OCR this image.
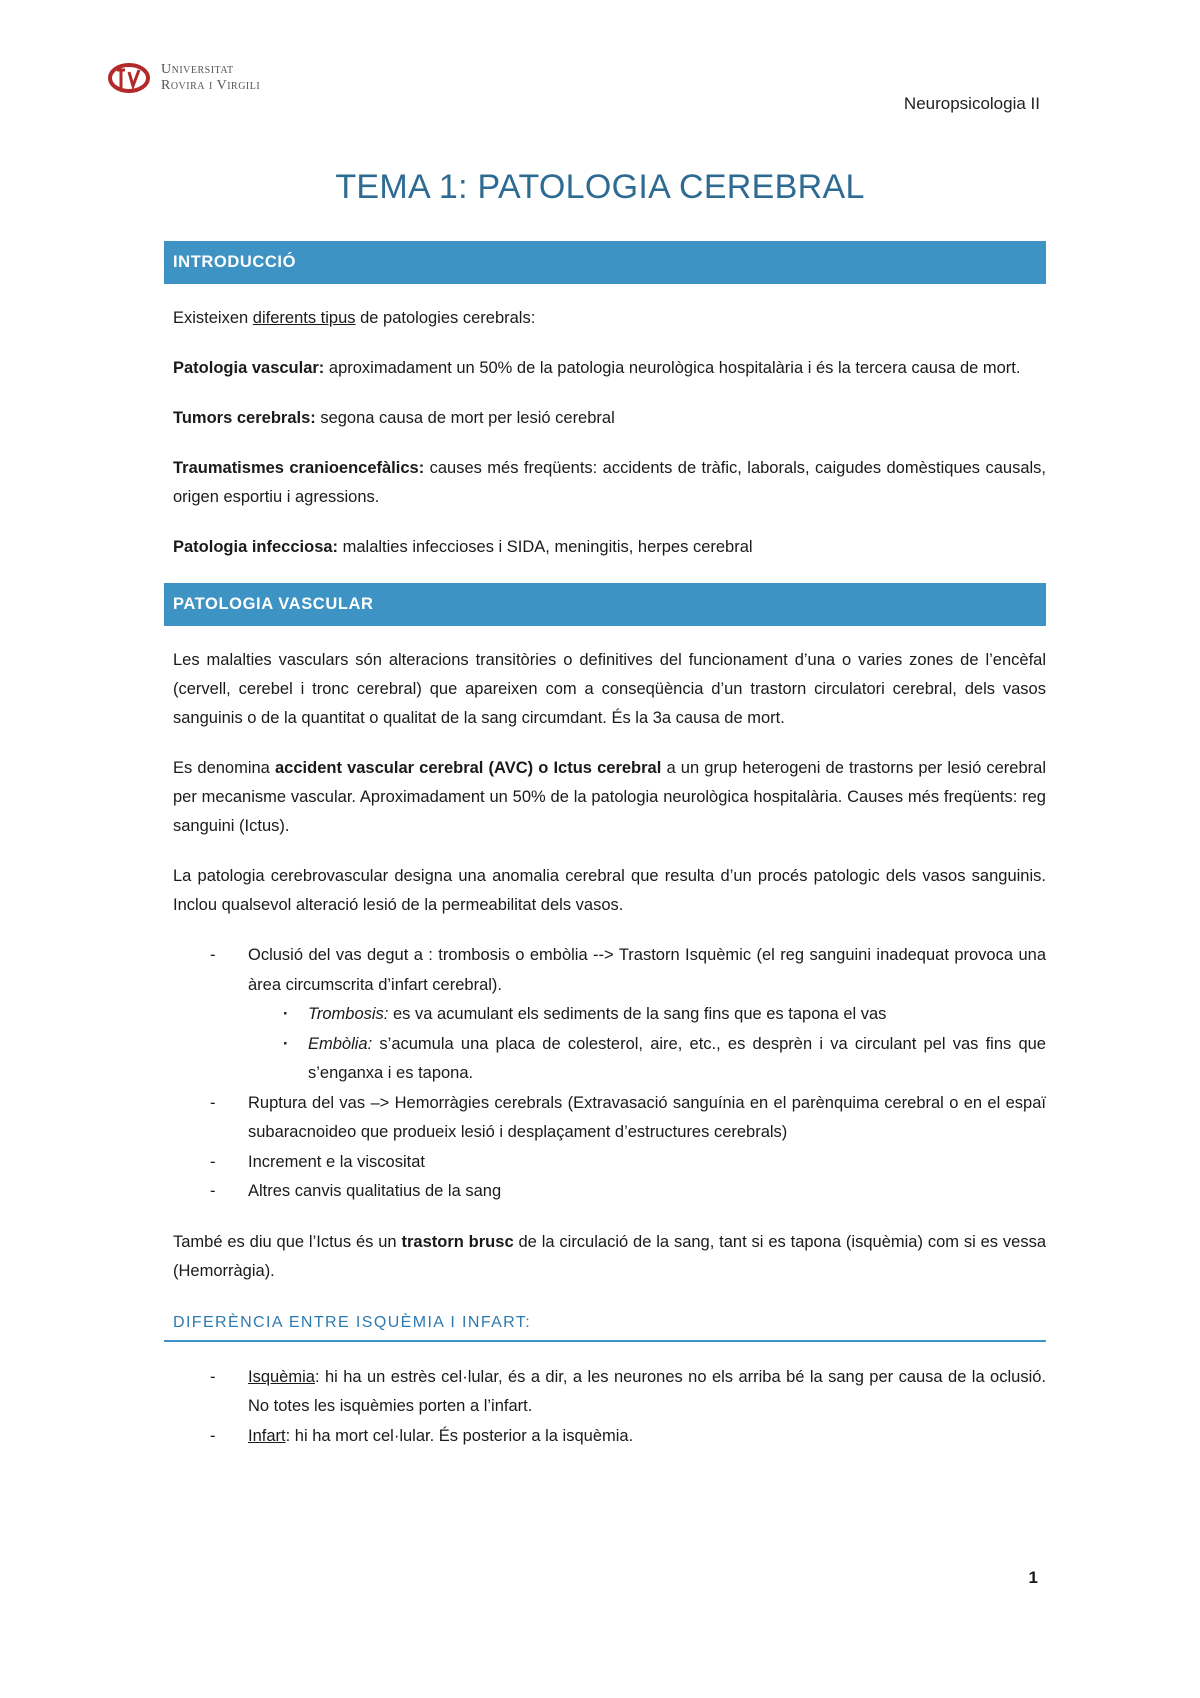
Universitat
Rovira i Virgili
Neuropsicologia II
TEMA 1: PATOLOGIA CEREBRAL
INTRODUCCIÓ

Existeixen diferents tipus de patologies cerebrals:

Patologia vascular: aproximadament un 50% de la patologia neurològica hospitalària i és la tercera causa de mort.

Tumors cerebrals: segona causa de mort per lesió cerebral

Traumatismes cranioencefàlics: causes més freqüents: accidents de tràfic, laborals, caigudes domèstiques causals, origen esportiu i agressions.

Patologia infecciosa: malalties infeccioses i SIDA, meningitis, herpes cerebral

PATOLOGIA VASCULAR

Les malalties vasculars són alteracions transitòries o definitives del funcionament d’una o varies zones de l’encèfal (cervell, cerebel i tronc cerebral) que apareixen com a conseqüència d’un trastorn circulatori cerebral, dels vasos sanguinis o de la quantitat o qualitat de la sang circumdant. És la 3a causa de mort.

Es denomina accident vascular cerebral (AVC) o Ictus cerebral a un grup heterogeni de trastorns per lesió cerebral per mecanisme vascular. Aproximadament un 50% de la patologia neurològica hospitalària. Causes més freqüents: reg sanguini (Ictus).

La patologia cerebrovascular designa una anomalia cerebral que resulta d’un procés patologic dels vasos sanguinis. Inclou qualsevol alteració lesió de la permeabilitat dels vasos.

- Oclusió del vas degut a : trombosis o embòlia --> Trastorn Isquèmic (el reg sanguini inadequat provoca una àrea circumscrita d’infart cerebral).
· Trombosis: es va acumulant els sediments de la sang fins que es tapona el vas
· Embòlia: s’acumula una placa de colesterol, aire, etc., es desprèn i va circulant pel vas fins que s’enganxa i es tapona.
- Ruptura del vas –> Hemorràgies cerebrals (Extravasació sanguínia en el parènquima cerebral o en el espaï subaracnoideo que produeix lesió i desplaçament d’estructures cerebrals)
- Increment e la viscositat
- Altres canvis qualitatius de la sang

També es diu que l’Ictus és un trastorn brusc de la circulació de la sang, tant si es tapona (isquèmia) com si es vessa (Hemorràgia).

DIFERÈNCIA ENTRE ISQUÈMIA I INFART:
- Isquèmia: hi ha un estrès cel·lular, és a dir, a les neurones no els arriba bé la sang per causa de la oclusió. No totes les isquèmies porten a l’infart.
- Infart: hi ha mort cel·lular. És posterior a la isquèmia.
1
